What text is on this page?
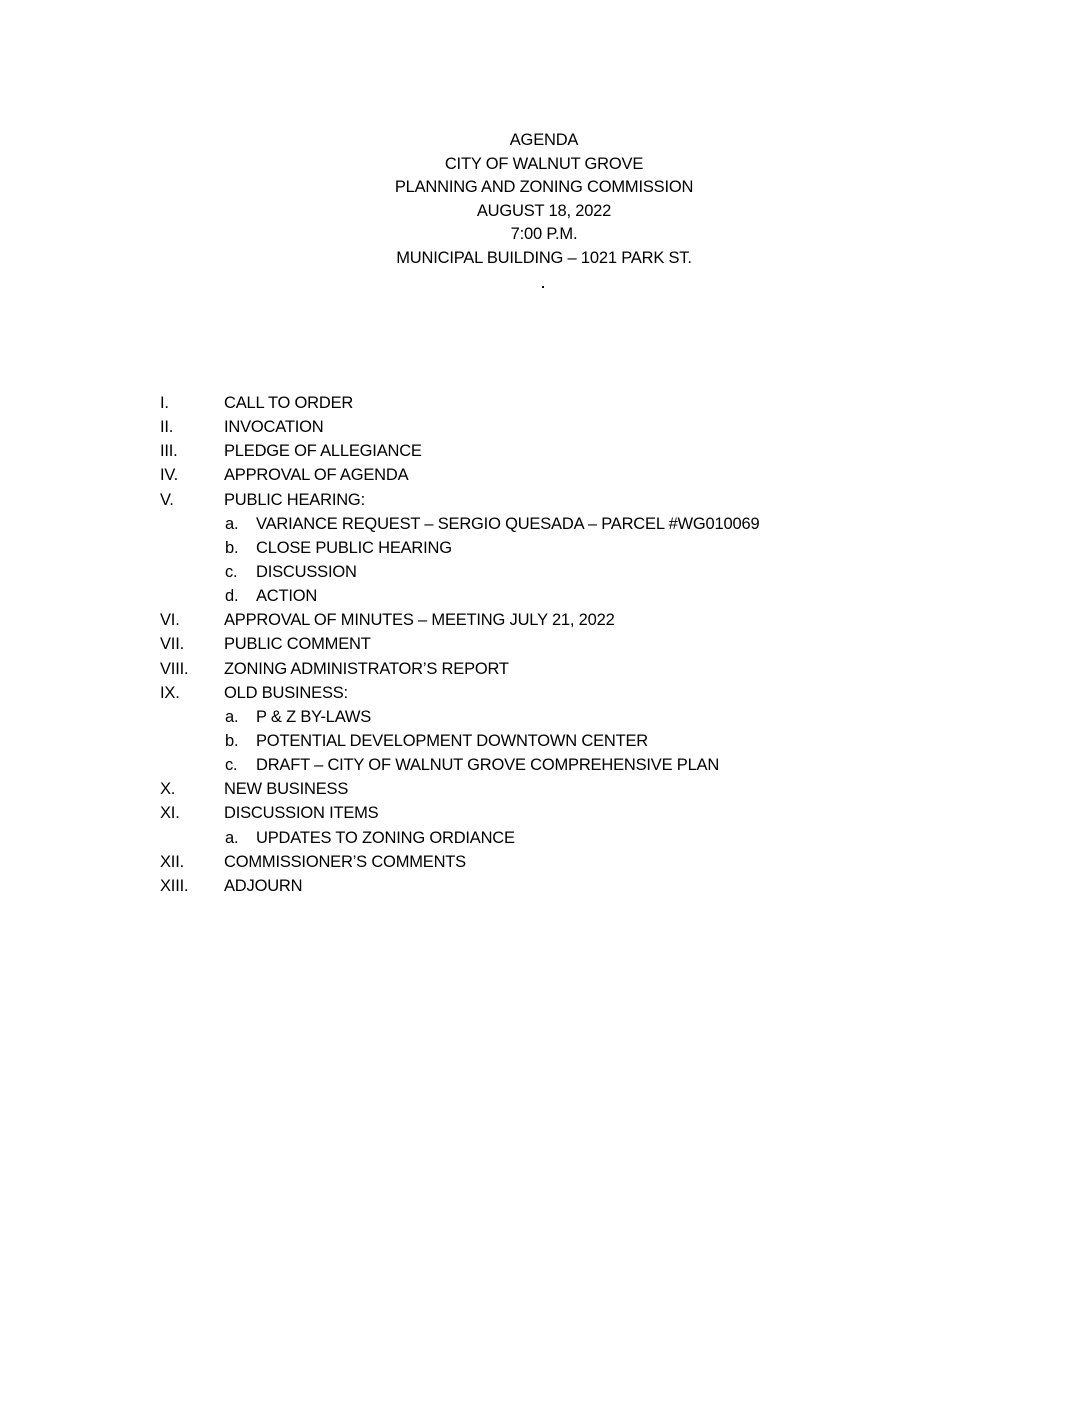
AGENDA
CITY OF WALNUT GROVE
PLANNING AND ZONING COMMISSION
AUGUST 18, 2022
7:00 P.M.
MUNICIPAL BUILDING – 1021 PARK ST.
I.	CALL TO ORDER
II.	INVOCATION
III.	PLEDGE OF ALLEGIANCE
IV.	APPROVAL OF AGENDA
V.	PUBLIC HEARING:
a. VARIANCE REQUEST – SERGIO QUESADA – PARCEL #WG010069
b. CLOSE PUBLIC HEARING
c. DISCUSSION
d. ACTION
VI.	APPROVAL OF MINUTES – MEETING JULY 21, 2022
VII. PUBLIC COMMENT
VIII. ZONING ADMINISTRATOR’S REPORT
IX.	OLD BUSINESS:
a. P & Z BY-LAWS
b. POTENTIAL DEVELOPMENT DOWNTOWN CENTER
c. DRAFT – CITY OF WALNUT GROVE COMPREHENSIVE PLAN
X.	NEW BUSINESS
XI.	DISCUSSION ITEMS
a. UPDATES TO ZONING ORDIANCE
XII. COMMISSIONER’S COMMENTS
XIII. ADJOURN
